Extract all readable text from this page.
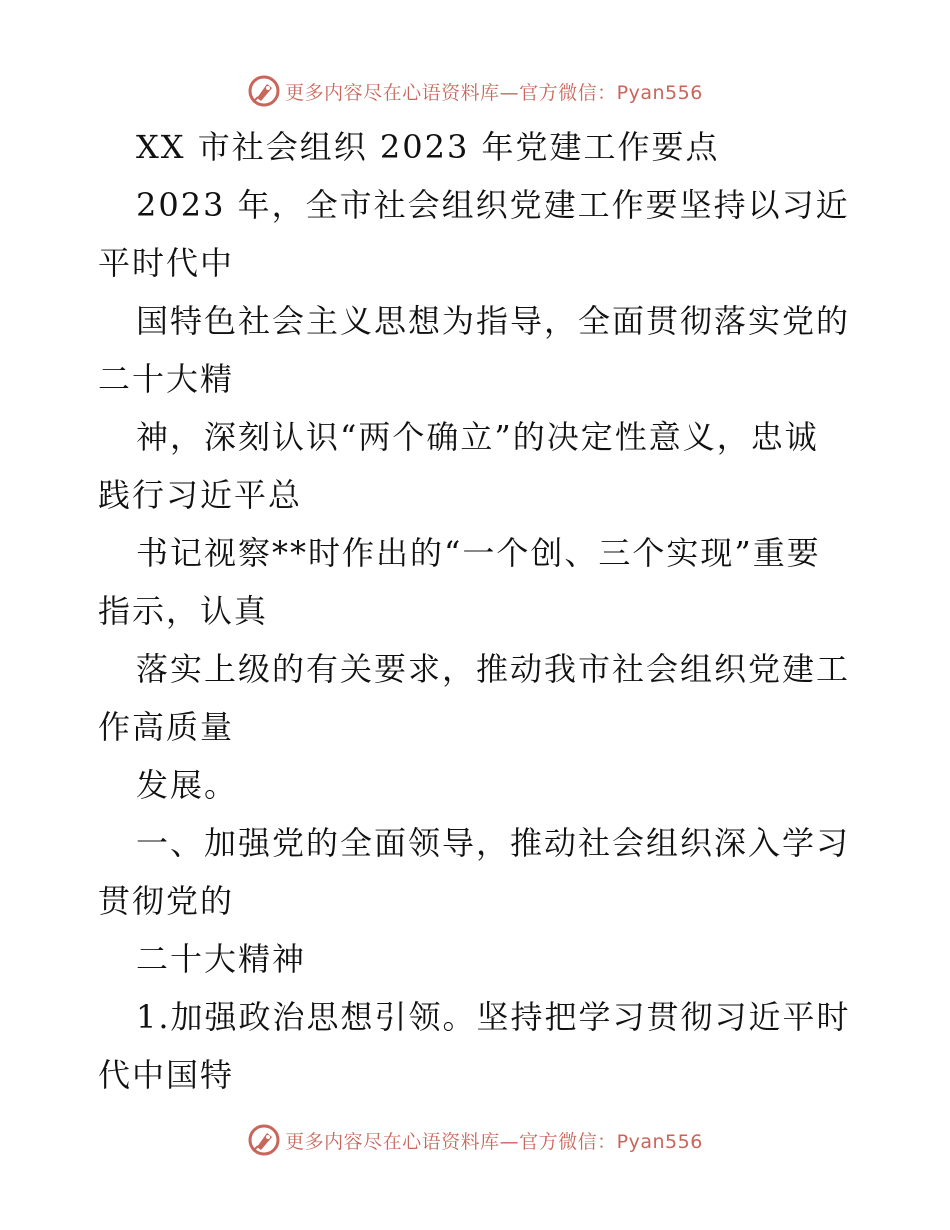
更多内容尽在心语资料库—官方微信：Pyan556
XX 市社会组织 2023 年党建工作要点
2023 年，全市社会组织党建工作要坚持以习近
平时代中
国特色社会主义思想为指导，全面贯彻落实党的
二十大精
神，深刻认识“两个确立”的决定性意义，忠诚
践行习近平总
书记视察**时作出的“一个创、三个实现”重要
指示，认真
落实上级的有关要求，推动我市社会组织党建工
作高质量
发展。
一、加强党的全面领导，推动社会组织深入学习
贯彻党的
二十大精神
1.加强政治思想引领。坚持把学习贯彻习近平时
代中国特
更多内容尽在心语资料库—官方微信：Pyan556
